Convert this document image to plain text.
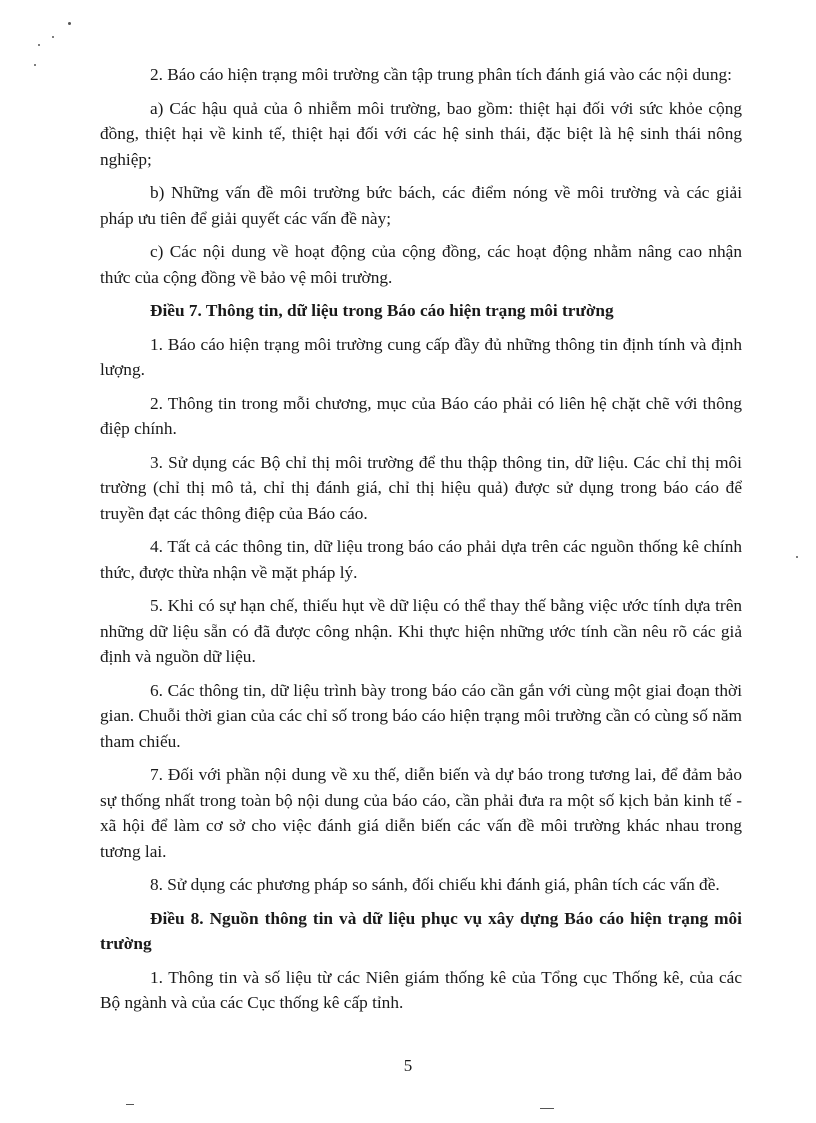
2. Báo cáo hiện trạng môi trường cần tập trung phân tích đánh giá vào các nội dung:

a) Các hậu quả của ô nhiễm môi trường, bao gồm: thiệt hại đối với sức khỏe cộng đồng, thiệt hại về kinh tế, thiệt hại đối với các hệ sinh thái, đặc biệt là hệ sinh thái nông nghiệp;

b) Những vấn đề môi trường bức bách, các điểm nóng về môi trường và các giải pháp ưu tiên để giải quyết các vấn đề này;

c) Các nội dung về hoạt động của cộng đồng, các hoạt động nhằm nâng cao nhận thức của cộng đồng về bảo vệ môi trường.

Điều 7. Thông tin, dữ liệu trong Báo cáo hiện trạng môi trường

1. Báo cáo hiện trạng môi trường cung cấp đầy đủ những thông tin định tính và định lượng.

2. Thông tin trong mỗi chương, mục của Báo cáo phải có liên hệ chặt chẽ với thông điệp chính.

3. Sử dụng các Bộ chỉ thị môi trường để thu thập thông tin, dữ liệu. Các chỉ thị môi trường (chỉ thị mô tả, chỉ thị đánh giá, chỉ thị hiệu quả) được sử dụng trong báo cáo để truyền đạt các thông điệp của Báo cáo.

4. Tất cả các thông tin, dữ liệu trong báo cáo phải dựa trên các nguồn thống kê chính thức, được thừa nhận về mặt pháp lý.

5. Khi có sự hạn chế, thiếu hụt về dữ liệu có thể thay thế bằng việc ước tính dựa trên những dữ liệu sẵn có đã được công nhận. Khi thực hiện những ước tính cần nêu rõ các giả định và nguồn dữ liệu.

6. Các thông tin, dữ liệu trình bày trong báo cáo cần gắn với cùng một giai đoạn thời gian. Chuỗi thời gian của các chỉ số trong báo cáo hiện trạng môi trường cần có cùng số năm tham chiếu.

7. Đối với phần nội dung về xu thế, diễn biến và dự báo trong tương lai, để đảm bảo sự thống nhất trong toàn bộ nội dung của báo cáo, cần phải đưa ra một số kịch bản kinh tế - xã hội để làm cơ sở cho việc đánh giá diễn biến các vấn đề môi trường khác nhau trong tương lai.

8. Sử dụng các phương pháp so sánh, đối chiếu khi đánh giá, phân tích các vấn đề.

Điều 8. Nguồn thông tin và dữ liệu phục vụ xây dựng Báo cáo hiện trạng môi trường

1. Thông tin và số liệu từ các Niên giám thống kê của Tổng cục Thống kê, của các Bộ ngành và của các Cục thống kê cấp tỉnh.

5
